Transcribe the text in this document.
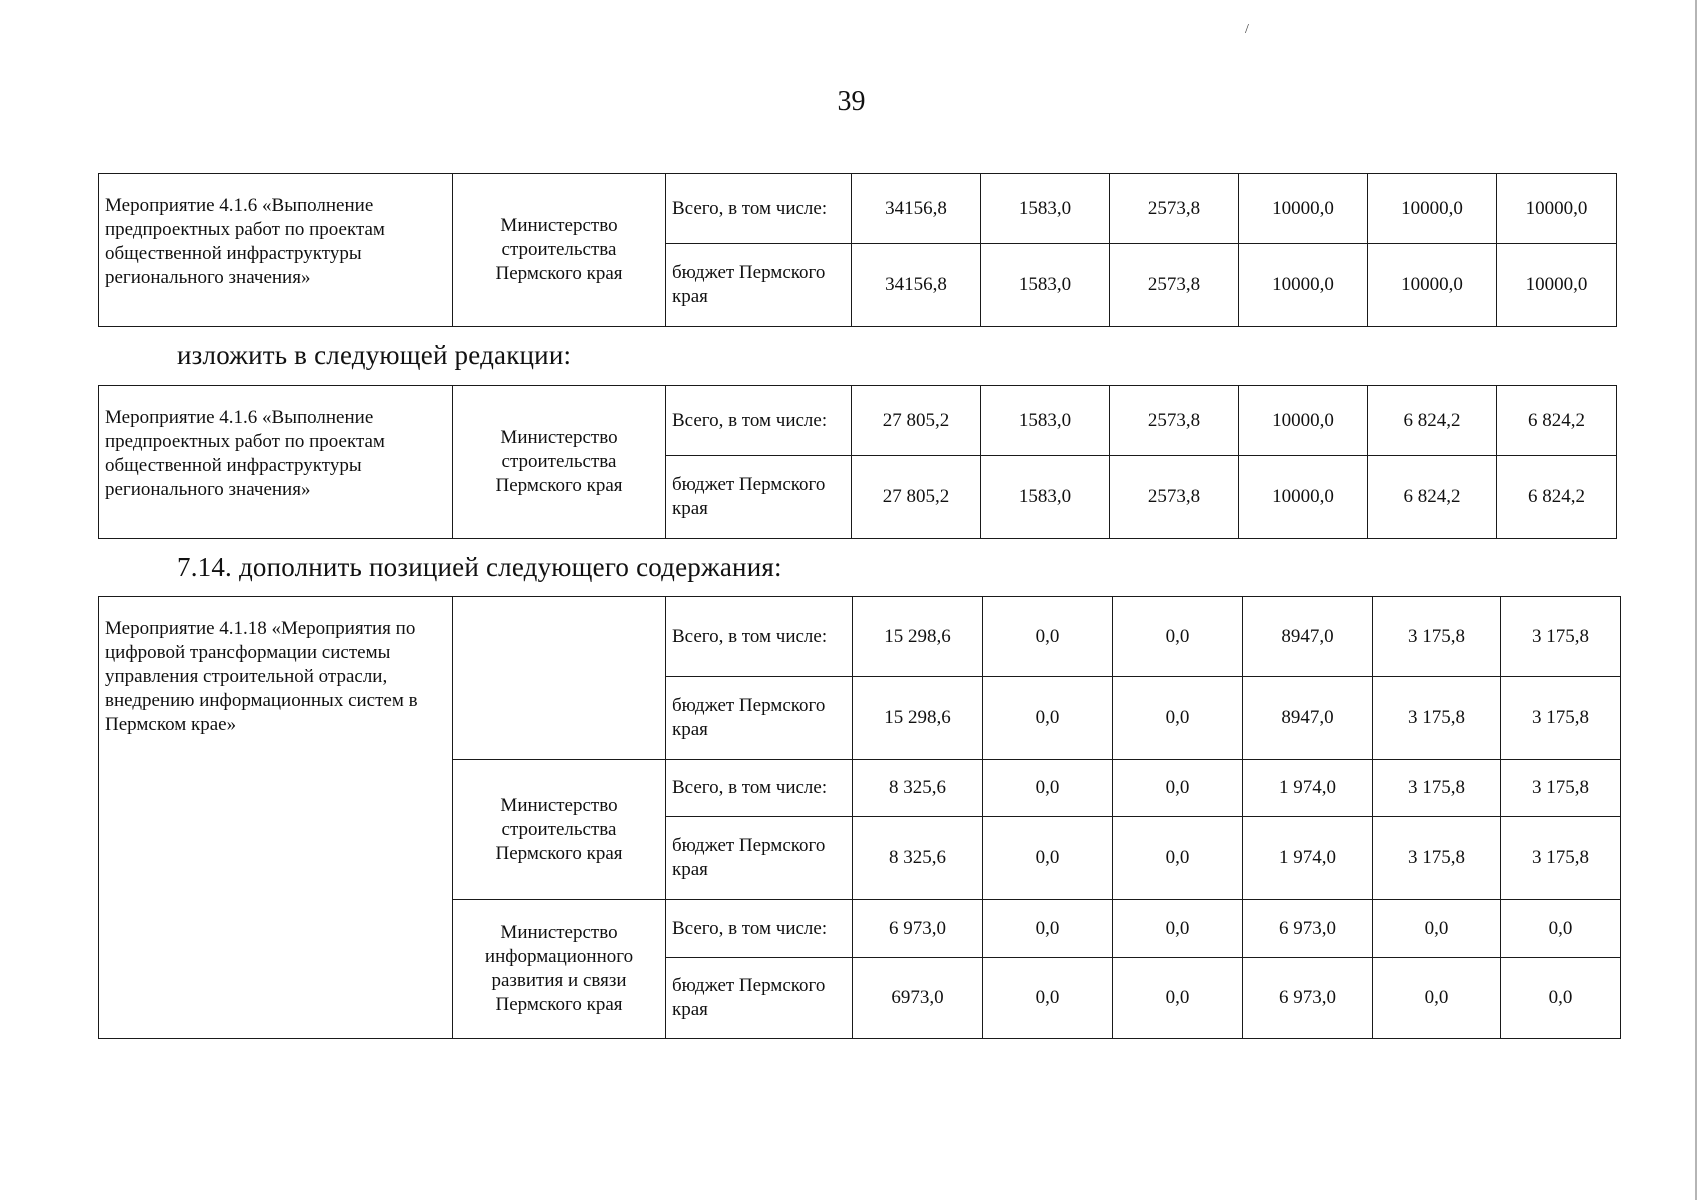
/
39
Мероприятие 4.1.6 «Выполнение предпроектных работ по проектам общественной инфраструктуры регионального значения»	Министерство строительства Пермского края	Всего, в том числе:	34156,8	1583,0	2573,8	10000,0	10000,0	10000,0
		бюджет Пермского края	34156,8	1583,0	2573,8	10000,0	10000,0	10000,0
изложить в следующей редакции:
Мероприятие 4.1.6 «Выполнение предпроектных работ по проектам общественной инфраструктуры регионального значения»	Министерство строительства Пермского края	Всего, в том числе:	27 805,2	1583,0	2573,8	10000,0	6 824,2	6 824,2
		бюджет Пермского края	27 805,2	1583,0	2573,8	10000,0	6 824,2	6 824,2
7.14. дополнить позицией следующего содержания:
Мероприятие 4.1.18 «Мероприятия по цифровой трансформации системы управления строительной отрасли, внедрению информационных систем в Пермском крае»		Всего, в том числе:	15 298,6	0,0	0,0	8947,0	3 175,8	3 175,8
		бюджет Пермского края	15 298,6	0,0	0,0	8947,0	3 175,8	3 175,8
	Министерство строительства Пермского края	Всего, в том числе:	8 325,6	0,0	0,0	1 974,0	3 175,8	3 175,8
		бюджет Пермского края	8 325,6	0,0	0,0	1 974,0	3 175,8	3 175,8
	Министерство информационного развития и связи Пермского края	Всего, в том числе:	6 973,0	0,0	0,0	6 973,0	0,0	0,0
		бюджет Пермского края	6973,0	0,0	0,0	6 973,0	0,0	0,0
